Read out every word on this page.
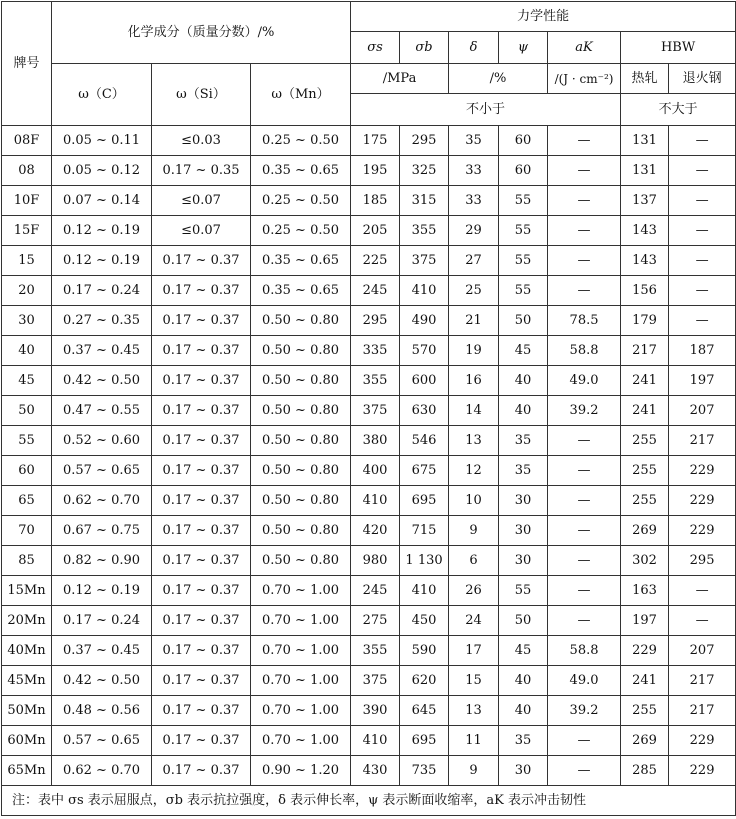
牌号	化学成分（质量分数）/%			力学性能						
				σs	σb	δ	ψ	aK	HBW	
	ω（C）	ω（Si）	ω（Mn）	/MPa		/%		/(J · cm⁻²)	热轧	退火钢
				不小于					不大于	
08F	0.05 ~ 0.11	≤0.03	0.25 ~ 0.50	175	295	35	60	—	131	—
08	0.05 ~ 0.12	0.17 ~ 0.35	0.35 ~ 0.65	195	325	33	60	—	131	—
10F	0.07 ~ 0.14	≤0.07	0.25 ~ 0.50	185	315	33	55	—	137	—
15F	0.12 ~ 0.19	≤0.07	0.25 ~ 0.50	205	355	29	55	—	143	—
15	0.12 ~ 0.19	0.17 ~ 0.37	0.35 ~ 0.65	225	375	27	55	—	143	—
20	0.17 ~ 0.24	0.17 ~ 0.37	0.35 ~ 0.65	245	410	25	55	—	156	—
30	0.27 ~ 0.35	0.17 ~ 0.37	0.50 ~ 0.80	295	490	21	50	78.5	179	—
40	0.37 ~ 0.45	0.17 ~ 0.37	0.50 ~ 0.80	335	570	19	45	58.8	217	187
45	0.42 ~ 0.50	0.17 ~ 0.37	0.50 ~ 0.80	355	600	16	40	49.0	241	197
50	0.47 ~ 0.55	0.17 ~ 0.37	0.50 ~ 0.80	375	630	14	40	39.2	241	207
55	0.52 ~ 0.60	0.17 ~ 0.37	0.50 ~ 0.80	380	546	13	35	—	255	217
60	0.57 ~ 0.65	0.17 ~ 0.37	0.50 ~ 0.80	400	675	12	35	—	255	229
65	0.62 ~ 0.70	0.17 ~ 0.37	0.50 ~ 0.80	410	695	10	30	—	255	229
70	0.67 ~ 0.75	0.17 ~ 0.37	0.50 ~ 0.80	420	715	9	30	—	269	229
85	0.82 ~ 0.90	0.17 ~ 0.37	0.50 ~ 0.80	980	1 130	6	30	—	302	295
15Mn	0.12 ~ 0.19	0.17 ~ 0.37	0.70 ~ 1.00	245	410	26	55	—	163	—
20Mn	0.17 ~ 0.24	0.17 ~ 0.37	0.70 ~ 1.00	275	450	24	50	—	197	—
40Mn	0.37 ~ 0.45	0.17 ~ 0.37	0.70 ~ 1.00	355	590	17	45	58.8	229	207
45Mn	0.42 ~ 0.50	0.17 ~ 0.37	0.70 ~ 1.00	375	620	15	40	49.0	241	217
50Mn	0.48 ~ 0.56	0.17 ~ 0.37	0.70 ~ 1.00	390	645	13	40	39.2	255	217
60Mn	0.57 ~ 0.65	0.17 ~ 0.37	0.70 ~ 1.00	410	695	11	35	—	269	229
65Mn	0.62 ~ 0.70	0.17 ~ 0.37	0.90 ~ 1.20	430	735	9	30	—	285	229
注：表中 σs 表示屈服点，σb 表示抗拉强度，δ 表示伸长率，ψ 表示断面收缩率，aK 表示冲击韧性										
